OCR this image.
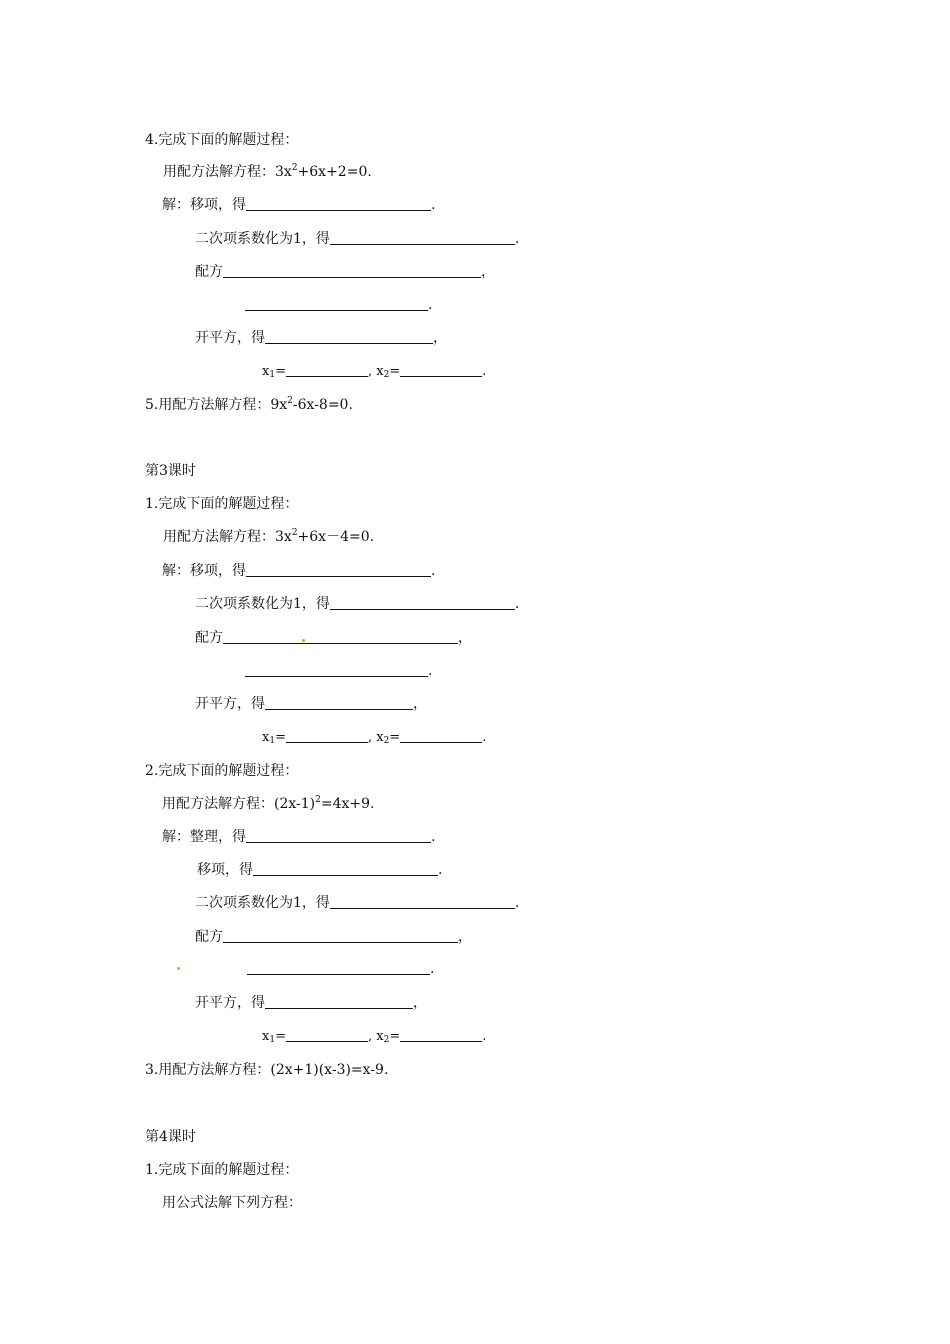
4.完成下面的解题过程：
用配方法解方程：$3x^2+6x+2=0$.
解：移项，得	.
二次项系数化为1，得	.
配方	，
.
开平方，得	，
$x_1=$	, $x_2=$	.
5.用配方法解方程：$9x^2-6x-8=0$.
第3课时
1.完成下面的解题过程：
用配方法解方程：$3x^2+6x-4=0$.
解：移项，得	.
二次项系数化为1，得	.
配方	，
.
开平方，得	，
$x_1=$	, $x_2=$	.
2.完成下面的解题过程：
用配方法解方程：$(2x-1)^2=4x+9$.
解：整理，得	.
移项，得	.
二次项系数化为1，得	.
配方	，
.
开平方，得	，
$x_1=$	, $x_2=$	.
3.用配方法解方程：(2x+1)(x-3)=x-9.
第4课时
1.完成下面的解题过程：
用公式法解下列方程：
